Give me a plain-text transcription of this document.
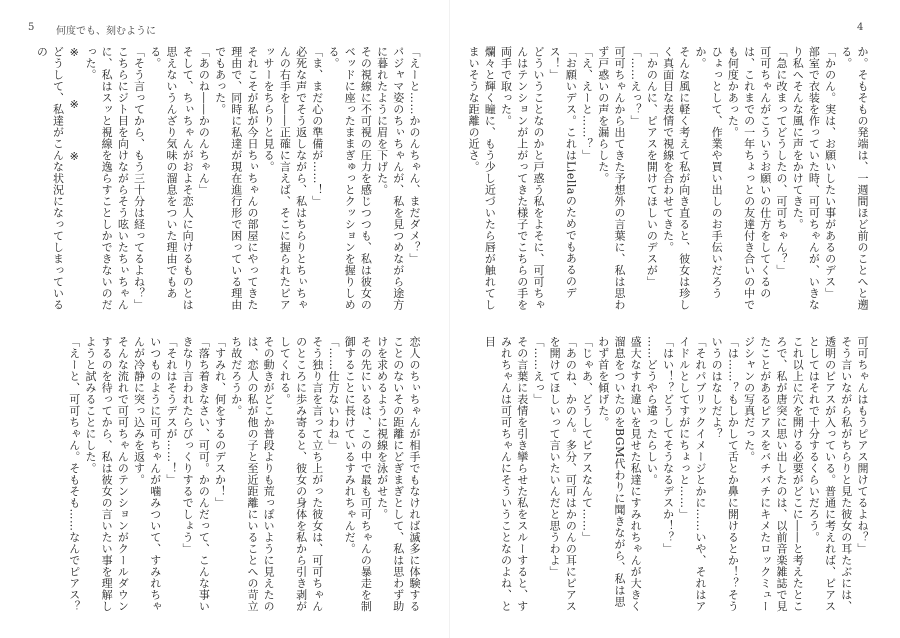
5 何度でも、刻むように

「えーと……かのんちゃん、まだダメ？」

パジャマ姿のちぃちゃんが、私を見つめながら途方に暮れたように眉を下げた。

その視線に不可視の圧力を感じつつも、私は彼女のベッドに座ったままぎゅっとクッションを握りしめる。

「ま、まだ心の準備が……！」

必死な声でそう返しながら、私はちらりとちぃちゃんの右手を――正確に言えば、そこに握られたピアッサーをちらりと見る。

それこそが私が今日ちぃちゃんの部屋にやってきた理由で、同時に私達が現在進行形で困っている理由でもあった。

「あのね――かのんちゃん」

そして、ちぃちゃんがおよそ恋人に向けるものとは思えないうんざり気味の溜息をついた理由でもある。

「そう言ってから、もう三十分は経ってるよね？」

こちらにジト目を向けながらそう呟いたちぃちゃんに、私はスッと視線を逸らすことしかできないのだった。

※　※　※

どうして、私達がこんな状況になってしまっているの

恋人のちぃちゃんが相手でもなければ滅多に体験することのないその距離にどぎまぎとして、私は思わず助けを求めるように視線を泳がせた。

その先にいるは、この中で最も可可ちゃんの暴走を制御することに長けているすみれちゃんだ。

「……仕方ないわね」

そう独り言を言って立ち上がった彼女は、可可ちゃんのところに歩み寄ると、彼女の身体を私から引き剥がしてくれる。

その動きがどこか普段よりも荒っぽいように見えたのは、恋人の私が他の子と至近距離にいることへの苛立ち故だろうか。

「すみれ、何をするのデスか！」

「落ち着きなさい、可可。かのんだって、こんな事いきなり言われたらびっくりするでしょう」

「それはそうデスが……！」

いつものように可可ちゃんが噛みついて、すみれちゃんが冷静に突っ込みを返す。

そんな流れで可可ちゃんのテンションがクールダウンするのを待ってから、私は彼女の言いたい事を理解しようと試みることにした。

「えーと、可可ちゃん。そもそも……なんでピアス？

4

か。そもそもの発端は、一週間ほど前のことへと遡る。

「かのん。実は、お願いしたい事があるのデス」

部室で衣装を作っていた時、可可ちゃんが、いきなり私へそんな風に声をかけてきた。

「急に改まってどうしたの、可可ちゃん？」

可可ちゃんがこういうお願いの仕方をしてくるのは、これまでの一年ちょっとの友達付き合いの中でも何度かあった。

ひょっとして、作業や買い出しのお手伝いだろうか。

そんな風に軽く考えて私が向き直ると、彼女は珍しく真面目な表情で視線を合わせてきた。

「かのんに、ピアスを開けてほしいのデスが」

「……えっ？」

可可ちゃんから出てきた予想外の言葉に、私は思わず戸惑いの声を漏らした。

「え、えーと……？」

「お願いデス。これはLiellaのためでもあるのデス！」

どういうことなのかと戸惑う私をよそに、可可ちゃんはテンションが上がってきた様子でこちらの手を両手で取った。

爛々と輝く瞳に、もう少し近づいたら唇が触れてしまいそうな距離の近さ。

可可ちゃんはもうピアス開けてるよね？」

そう言いながら私がちらりと見た彼女の耳たぶには、透明のピアスが入っている。普通に考えれば、ピアスとしてはそれで十分するくらいだろう。

これ以上に穴を開ける必要がどこに――と考えたところで、私が唐突に思い出したのは、以前音楽雑誌で見たことがあるピアスをバチバチにキメたロックミュージシャンの写真だった。

「は……？もしかして舌とか鼻に開けるとか！？そういうのはなしだよ？

「それパブリックイメージとかに……いや、それはアイドルとしてすがにちょっと……」

「はい！？どうしてそうなるデスか！？」

……どうやら違ったらしい。

盛大なすれ違いを見せた私達にすみれちゃんが大きく溜息をついたのをBGM代わりに聞きながら、私は思わず首を傾げた。

「じゃあ、どうしてピアスなんて……」

「あのね、かのん。多分、可可はかのんの耳にピアスを開けてほしいって言いたいんだと思うわよ」

「……えっ」

その言葉に表情を引き攣らせた私をスルーすると、すみれちゃんは可可ちゃんにそういうことなのよね、と目
